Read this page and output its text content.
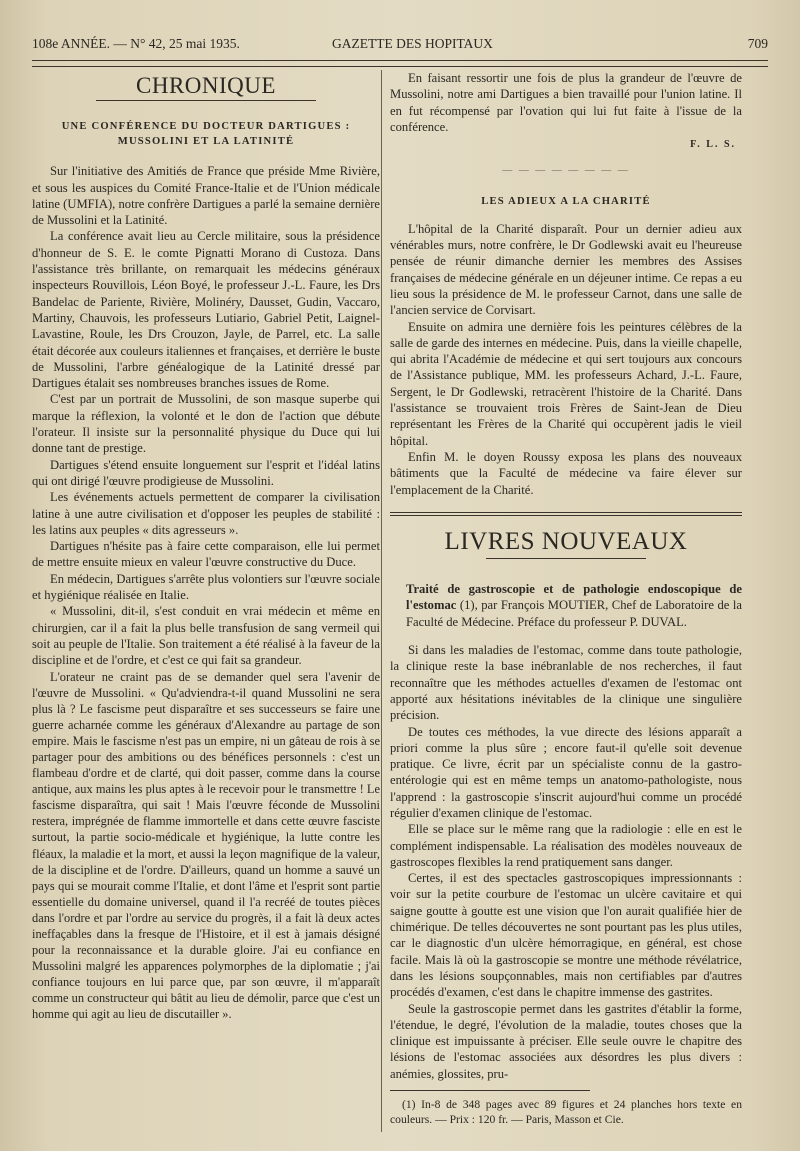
108e ANNÉE. — N° 42, 25 mai 1935.	GAZETTE DES HOPITAUX	709
CHRONIQUE
UNE CONFÉRENCE DU DOCTEUR DARTIGUES :
MUSSOLINI ET LA LATINITÉ

Sur l'initiative des Amitiés de France que préside Mme Rivière, et sous les auspices du Comité France-Italie et de l'Union médicale latine (UMFIA), notre confrère Dartigues a parlé la semaine dernière de Mussolini et la Latinité.

La conférence avait lieu au Cercle militaire, sous la présidence d'honneur de S. E. le comte Pignatti Morano di Custoza. Dans l'assistance très brillante, on remarquait les médecins généraux inspecteurs Rouvillois, Léon Boyé, le professeur J.-L. Faure, les Drs Bandelac de Pariente, Rivière, Molinéry, Dausset, Gudin, Vaccaro, Martiny, Chauvois, les professeurs Lutiario, Gabriel Petit, Laignel-Lavastine, Roule, les Drs Crouzon, Jayle, de Parrel, etc. La salle était décorée aux couleurs italiennes et françaises, et derrière le buste de Mussolini, l'arbre généalogique de la Latinité dressé par Dartigues étalait ses nombreuses branches issues de Rome.

C'est par un portrait de Mussolini, de son masque superbe qui marque la réflexion, la volonté et le don de l'action que débute l'orateur. Il insiste sur la personnalité physique du Duce qui lui donne tant de prestige.

Dartigues s'étend ensuite longuement sur l'esprit et l'idéal latins qui ont dirigé l'œuvre prodigieuse de Mussolini.

Les événements actuels permettent de comparer la civilisation latine à une autre civilisation et d'opposer les peuples de stabilité : les latins aux peuples « dits agresseurs ».

Dartigues n'hésite pas à faire cette comparaison, elle lui permet de mettre ensuite mieux en valeur l'œuvre constructive du Duce.

En médecin, Dartigues s'arrête plus volontiers sur l'œuvre sociale et hygiénique réalisée en Italie.

« Mussolini, dit-il, s'est conduit en vrai médecin et même en chirurgien, car il a fait la plus belle transfusion de sang vermeil qui soit au peuple de l'Italie. Son traitement a été réalisé à la faveur de la discipline et de l'ordre, et c'est ce qui fait sa grandeur.

L'orateur ne craint pas de se demander quel sera l'avenir de l'œuvre de Mussolini. « Qu'adviendra-t-il quand Mussolini ne sera plus là ? Le fascisme peut disparaître et ses successeurs se faire une guerre acharnée comme les généraux d'Alexandre au partage de son empire. Mais le fascisme n'est pas un empire, ni un gâteau de rois à se partager pour des ambitions ou des bénéfices personnels : c'est un flambeau d'ordre et de clarté, qui doit passer, comme dans la course antique, aux mains les plus aptes à le recevoir pour le transmettre ! Le fascisme disparaîtra, qui sait ! Mais l'œuvre féconde de Mussolini restera, imprégnée de flamme immortelle et dans cette œuvre fasciste surtout, la partie socio-médicale et hygiénique, la lutte contre les fléaux, la maladie et la mort, et aussi la leçon magnifique de la valeur, de la discipline et de l'ordre. D'ailleurs, quand un homme a sauvé un pays qui se mourait comme l'Italie, et dont l'âme et l'esprit sont partie essentielle du domaine universel, quand il l'a recréé de toutes pièces dans l'ordre et par l'ordre au service du progrès, il a fait là deux actes ineffaçables dans la fresque de l'Histoire, et il est à jamais désigné pour la reconnaissance et la durable gloire. J'ai eu confiance en Mussolini malgré les apparences polymorphes de la diplomatie ; j'ai confiance toujours en lui parce que, par son œuvre, il m'apparaît comme un constructeur qui bâtit au lieu de démolir, parce que c'est un homme qui agit au lieu de discutailler ».

En faisant ressortir une fois de plus la grandeur de l'œuvre de Mussolini, notre ami Dartigues a bien travaillé pour l'union latine. Il en fut récompensé par l'ovation qui lui fut faite à l'issue de la conférence.

F. L. S.
— — — — — — — —
LES ADIEUX A LA CHARITÉ

L'hôpital de la Charité disparaît. Pour un dernier adieu aux vénérables murs, notre confrère, le Dr Godlewski avait eu l'heureuse pensée de réunir dimanche dernier les membres des Assises françaises de médecine générale en un déjeuner intime. Ce repas a eu lieu sous la présidence de M. le professeur Carnot, dans une salle de l'ancien service de Corvisart.

Ensuite on admira une dernière fois les peintures célèbres de la salle de garde des internes en médecine. Puis, dans la vieille chapelle, qui abrita l'Académie de médecine et qui sert toujours aux concours de l'Assistance publique, MM. les professeurs Achard, J.-L. Faure, Sergent, le Dr Godlewski, retracèrent l'histoire de la Charité. Dans l'assistance se trouvaient trois Frères de Saint-Jean de Dieu représentant les Frères de la Charité qui occupèrent jadis le vieil hôpital.

Enfin M. le doyen Roussy exposa les plans des nouveaux bâtiments que la Faculté de médecine va faire élever sur l'emplacement de la Charité.

LIVRES NOUVEAUX

Traité de gastroscopie et de pathologie endoscopique de l'estomac (1), par François MOUTIER, Chef de Laboratoire de la Faculté de Médecine. Préface du professeur P. DUVAL.

Si dans les maladies de l'estomac, comme dans toute pathologie, la clinique reste la base inébranlable de nos recherches, il faut reconnaître que les méthodes actuelles d'examen de l'estomac ont apporté aux hésitations inévitables de la clinique une singulière précision.

De toutes ces méthodes, la vue directe des lésions apparaît a priori comme la plus sûre ; encore faut-il qu'elle soit devenue pratique. Ce livre, écrit par un spécialiste connu de la gastro-entérologie qui est en même temps un anatomo-pathologiste, nous l'apprend : la gastroscopie s'inscrit aujourd'hui comme un procédé régulier d'examen clinique de l'estomac.

Elle se place sur le même rang que la radiologie : elle en est le complément indispensable. La réalisation des modèles nouveaux de gastroscopes flexibles la rend pratiquement sans danger.

Certes, il est des spectacles gastroscopiques impressionnants : voir sur la petite courbure de l'estomac un ulcère cavitaire et qui saigne goutte à goutte est une vision que l'on aurait qualifiée hier de chimérique. De telles découvertes ne sont pourtant pas les plus utiles, car le diagnostic d'un ulcère hémorragique, en général, est chose facile. Mais là où la gastroscopie se montre une méthode révélatrice, dans les lésions soupçonnables, mais non certifiables par d'autres procédés d'examen, c'est dans le chapitre immense des gastrites.

Seule la gastroscopie permet dans les gastrites d'établir la forme, l'étendue, le degré, l'évolution de la maladie, toutes choses que la clinique est impuissante à préciser. Elle seule ouvre le chapitre des lésions de l'estomac associées aux désordres les plus divers : anémies, glossites, pru-

(1) In-8 de 348 pages avec 89 figures et 24 planches hors texte en couleurs. — Prix : 120 fr. — Paris, Masson et Cie.
